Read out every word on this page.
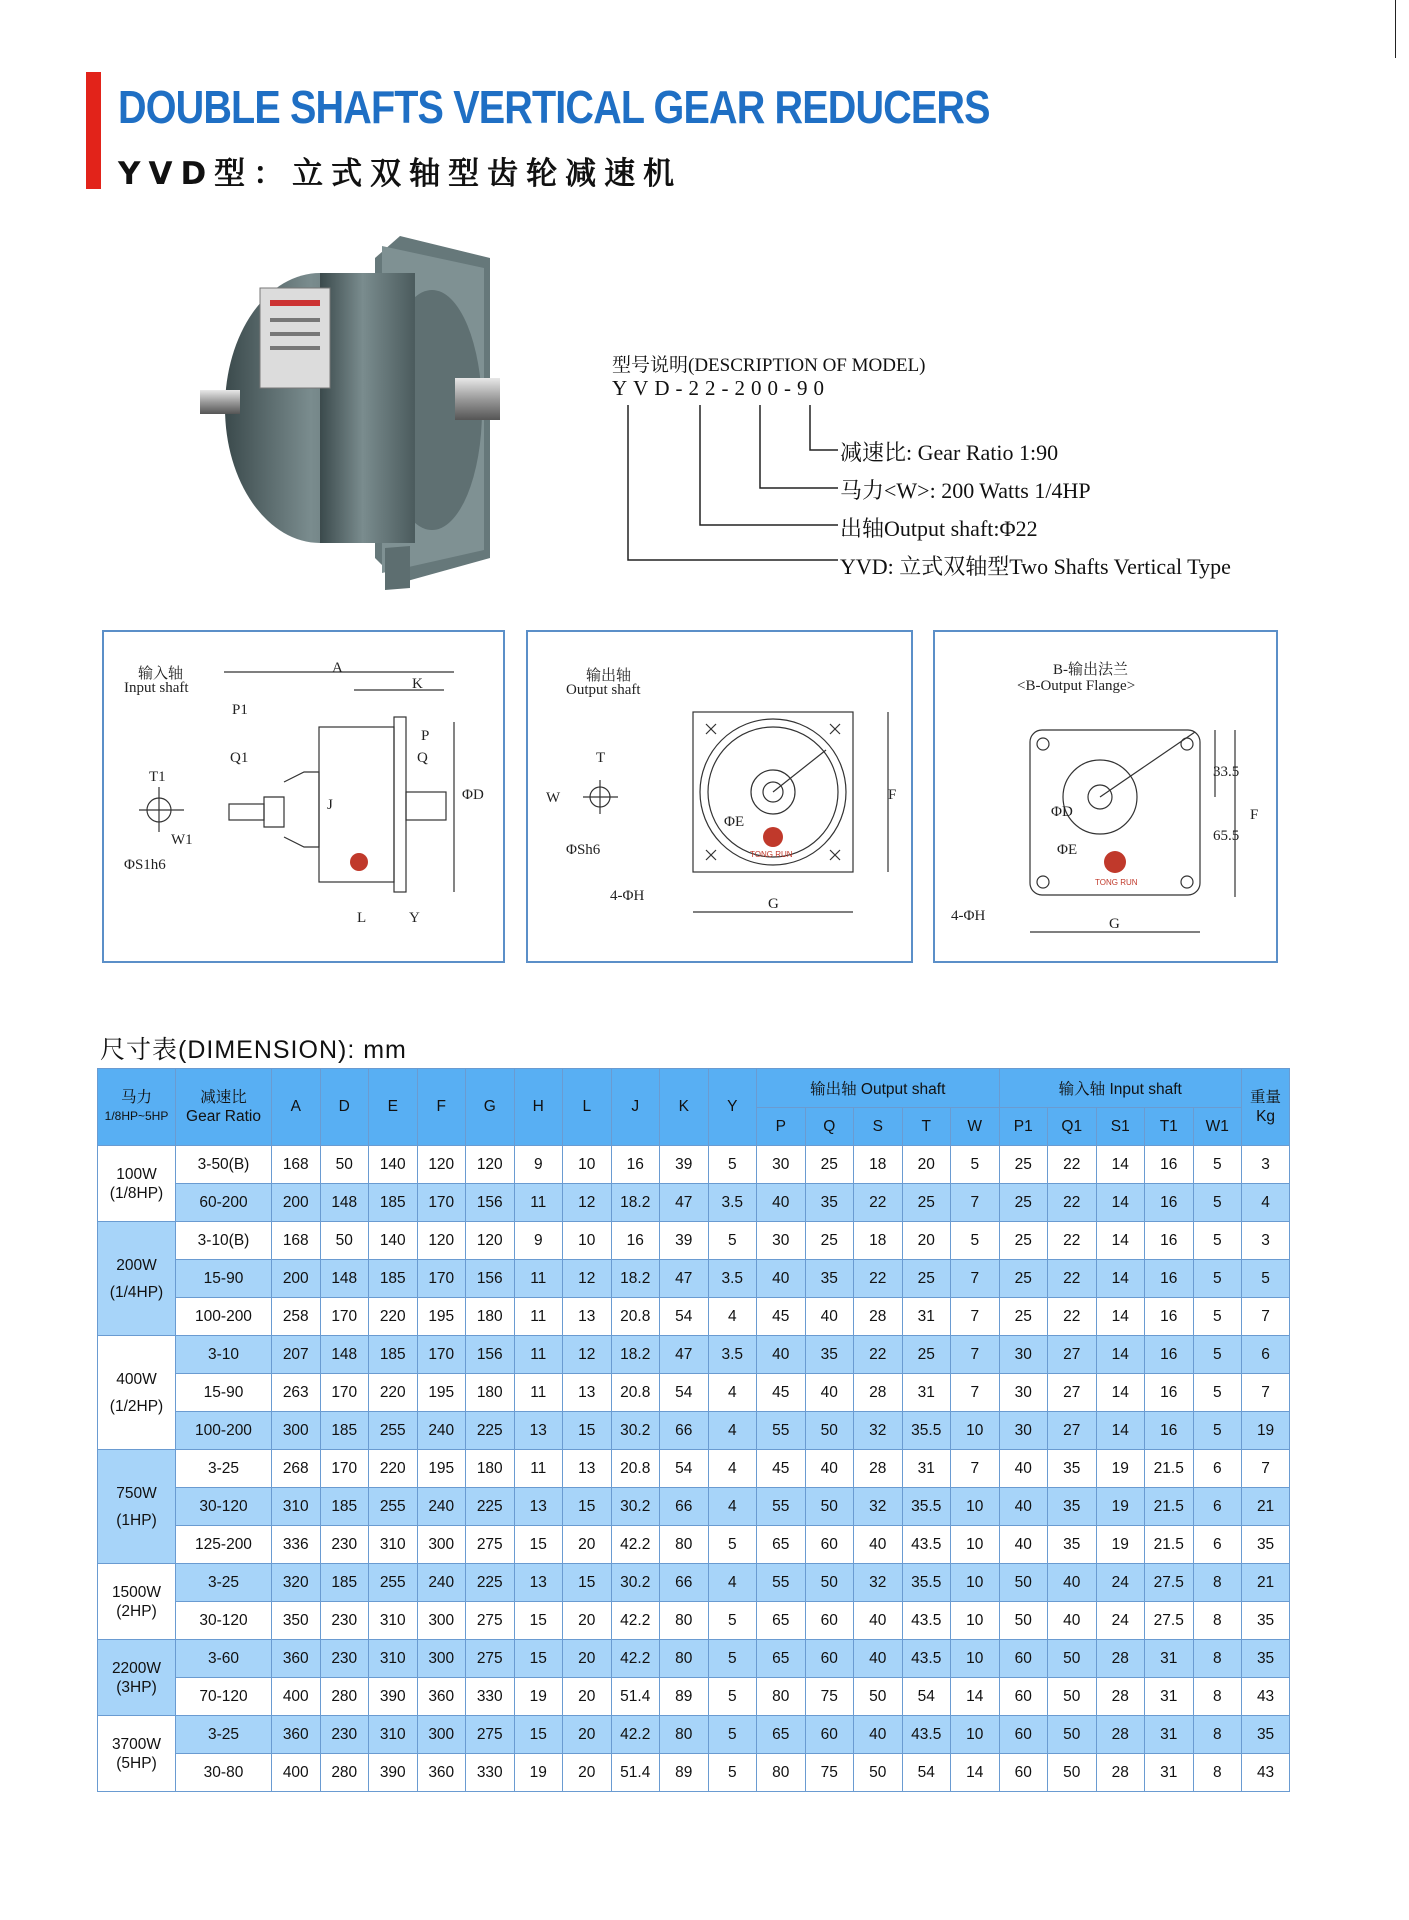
DOUBLE SHAFTS VERTICAL GEAR REDUCERS
YVD型：立式双轴型齿轮减速机
型号说明(DESCRIPTION OF MODEL)
YVD-22-200-90
减速比: Gear Ratio 1:90
马力<W>: 200 Watts 1/4HP
出轴Output shaft:Φ22
YVD: 立式双轴型Two Shafts Vertical Type
输入轴
Input shaft
A
K
P1
P
Q1	Q
T1
J
ΦD
W1
ΦS1h6
L	Y
输出轴
Output shaft
T
W
ΦE
F
ΦSh6
4-ΦH	G
TONG RUN
B-输出法兰
<B-Output Flange>
ΦD
33.5
F
65.5
ΦE
4-ΦH	G
TONG RUN
尺寸表(DIMENSION): mm
马力
1/8HP~5HP	减速比
Gear Ratio	A	D	E	F	G	H	L	J	K	Y	输出轴 Output shaft					输入轴 Input shaft					重量
Kg

												P	Q	S	T	W	P1	Q1	S1	T1	W1	

100W
(1/8HP)	3-50(B)	168	50	140	120	120	9	10	16	39	5	30	25	18	20	5	25	22	14	16	5	3
	60-200	200	148	185	170	156	11	12	18.2	47	3.5	40	35	22	25	7	25	22	14	16	5	4

200W
(1/4HP)	3-10(B)	168	50	140	120	120	9	10	16	39	5	30	25	18	20	5	25	22	14	16	5	3
	15-90	200	148	185	170	156	11	12	18.2	47	3.5	40	35	22	25	7	25	22	14	16	5	5
	100-200	258	170	220	195	180	11	13	20.8	54	4	45	40	28	31	7	25	22	14	16	5	7

400W
(1/2HP)	3-10	207	148	185	170	156	11	12	18.2	47	3.5	40	35	22	25	7	30	27	14	16	5	6
	15-90	263	170	220	195	180	11	13	20.8	54	4	45	40	28	31	7	30	27	14	16	5	7
	100-200	300	185	255	240	225	13	15	30.2	66	4	55	50	32	35.5	10	30	27	14	16	5	19

750W
(1HP)	3-25	268	170	220	195	180	11	13	20.8	54	4	45	40	28	31	7	40	35	19	21.5	6	7
	30-120	310	185	255	240	225	13	15	30.2	66	4	55	50	32	35.5	10	40	35	19	21.5	6	21
	125-200	336	230	310	300	275	15	20	42.2	80	5	65	60	40	43.5	10	40	35	19	21.5	6	35

1500W
(2HP)	3-25	320	185	255	240	225	13	15	30.2	66	4	55	50	32	35.5	10	50	40	24	27.5	8	21
	30-120	350	230	310	300	275	15	20	42.2	80	5	65	60	40	43.5	10	50	40	24	27.5	8	35

2200W
(3HP)	3-60	360	230	310	300	275	15	20	42.2	80	5	65	60	40	43.5	10	60	50	28	31	8	35
	70-120	400	280	390	360	330	19	20	51.4	89	5	80	75	50	54	14	60	50	28	31	8	43

3700W
(5HP)	3-25	360	230	310	300	275	15	20	42.2	80	5	65	60	40	43.5	10	60	50	28	31	8	35
	30-80	400	280	390	360	330	19	20	51.4	89	5	80	75	50	54	14	60	50	28	31	8	43
